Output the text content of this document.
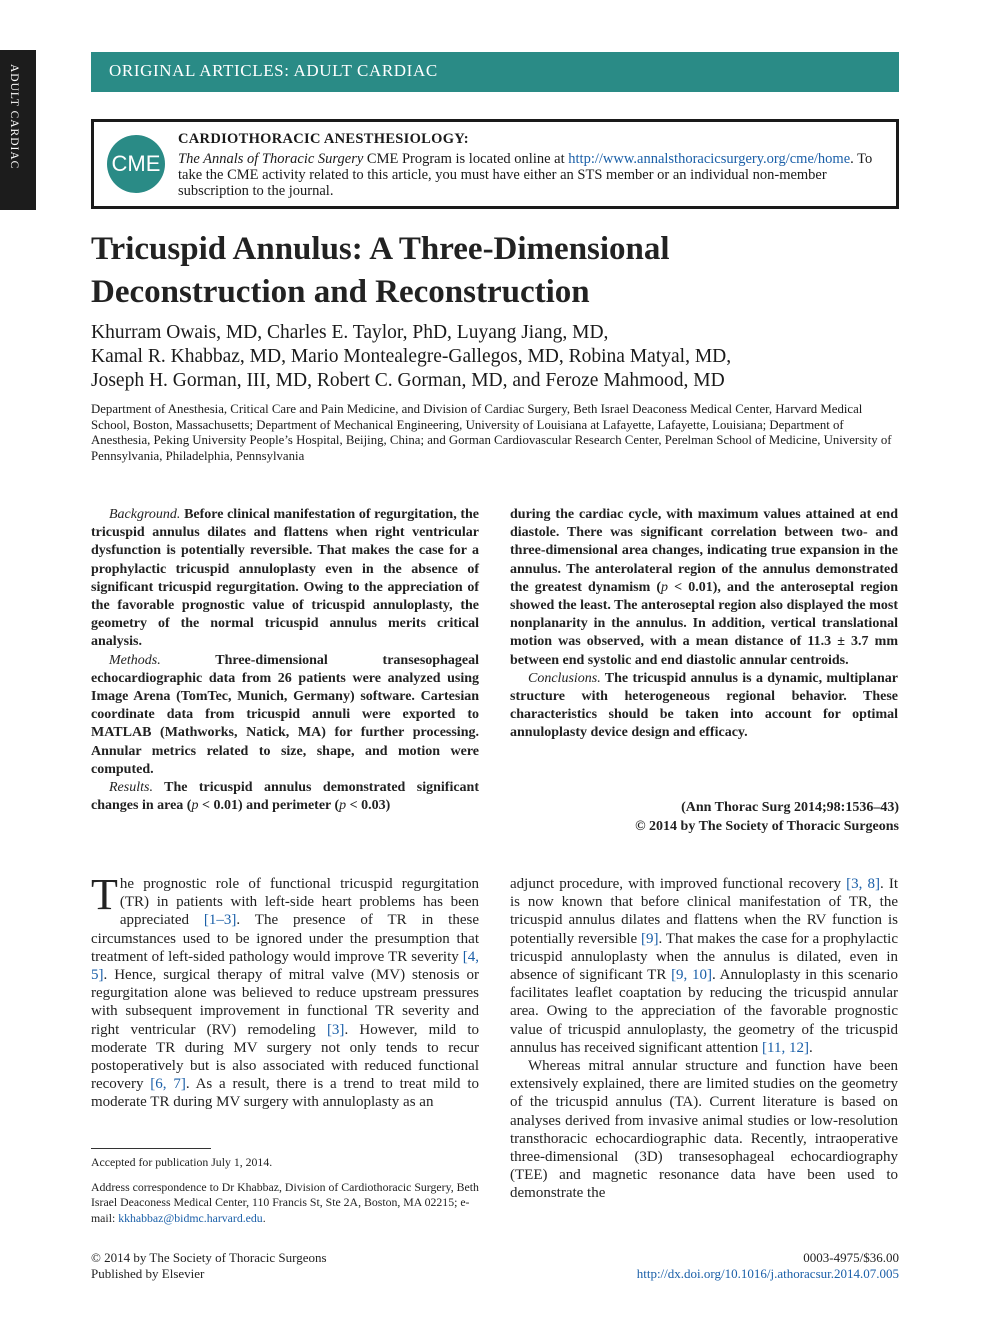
ADULT CARDIAC	ORIGINAL ARTICLES: ADULT CARDIAC
CME
CARDIOTHORACIC ANESTHESIOLOGY:
The Annals of Thoracic Surgery CME Program is located online at http://www.annalsthoracicsurgery.org/cme/home. To take the CME activity related to this article, you must have either an STS member or an individual non-member subscription to the journal.
Tricuspid Annulus: A Three-Dimensional Deconstruction and Reconstruction
Khurram Owais, MD, Charles E. Taylor, PhD, Luyang Jiang, MD,
Kamal R. Khabbaz, MD, Mario Montealegre-Gallegos, MD, Robina Matyal, MD,
Joseph H. Gorman, III, MD, Robert C. Gorman, MD, and Feroze Mahmood, MD
Department of Anesthesia, Critical Care and Pain Medicine, and Division of Cardiac Surgery, Beth Israel Deaconess Medical Center, Harvard Medical School, Boston, Massachusetts; Department of Mechanical Engineering, University of Louisiana at Lafayette, Lafayette, Louisiana; Department of Anesthesia, Peking University People’s Hospital, Beijing, China; and Gorman Cardiovascular Research Center, Perelman School of Medicine, University of Pennsylvania, Philadelphia, Pennsylvania

Background. Before clinical manifestation of regurgitation, the tricuspid annulus dilates and flattens when right ventricular dysfunction is potentially reversible. That makes the case for a prophylactic tricuspid annuloplasty even in the absence of significant tricuspid regurgitation. Owing to the appreciation of the favorable prognostic value of tricuspid annuloplasty, the geometry of the normal tricuspid annulus merits critical analysis.

Methods. Three-dimensional transesophageal echocardiographic data from 26 patients were analyzed using Image Arena (TomTec, Munich, Germany) software. Cartesian coordinate data from tricuspid annuli were exported to MATLAB (Mathworks, Natick, MA) for further processing. Annular metrics related to size, shape, and motion were computed.

Results. The tricuspid annulus demonstrated significant changes in area (p < 0.01) and perimeter (p < 0.03)

during the cardiac cycle, with maximum values attained at end diastole. There was significant correlation between two- and three-dimensional area changes, indicating true expansion in the annulus. The anterolateral region of the annulus demonstrated the greatest dynamism (p < 0.01), and the anteroseptal region showed the least. The anteroseptal region also displayed the most nonplanarity in the annulus. In addition, vertical translational motion was observed, with a mean distance of 11.3 ± 3.7 mm between end systolic and end diastolic annular centroids.

Conclusions. The tricuspid annulus is a dynamic, multiplanar structure with heterogeneous regional behavior. These characteristics should be taken into account for optimal annuloplasty device design and efficacy.

(Ann Thorac Surg 2014;98:1536–43)
© 2014 by The Society of Thoracic Surgeons

The prognostic role of functional tricuspid regurgitation (TR) in patients with left-side heart problems has been appreciated [1–3]. The presence of TR in these circumstances used to be ignored under the presumption that treatment of left-sided pathology would improve TR severity [4, 5]. Hence, surgical therapy of mitral valve (MV) stenosis or regurgitation alone was believed to reduce upstream pressures with subsequent improvement in functional TR severity and right ventricular (RV) remodeling [3]. However, mild to moderate TR during MV surgery not only tends to recur postoperatively but is also associated with reduced functional recovery [6, 7]. As a result, there is a trend to treat mild to moderate TR during MV surgery with annuloplasty as an

adjunct procedure, with improved functional recovery [3, 8]. It is now known that before clinical manifestation of TR, the tricuspid annulus dilates and flattens when the RV function is potentially reversible [9]. That makes the case for a prophylactic tricuspid annuloplasty when the annulus is dilated, even in absence of significant TR [9, 10]. Annuloplasty in this scenario facilitates leaflet coaptation by reducing the tricuspid annular area. Owing to the appreciation of the favorable prognostic value of tricuspid annuloplasty, the geometry of the tricuspid annulus has received significant attention [11, 12].

Whereas mitral annular structure and function have been extensively explained, there are limited studies on the geometry of the tricuspid annulus (TA). Current literature is based on analyses derived from invasive animal studies or low-resolution transthoracic echocardiographic data. Recently, intraoperative three-dimensional (3D) transesophageal echocardiography (TEE) and magnetic resonance data have been used to demonstrate the

Accepted for publication July 1, 2014.

Address correspondence to Dr Khabbaz, Division of Cardiothoracic Surgery, Beth Israel Deaconess Medical Center, 110 Francis St, Ste 2A, Boston, MA 02215; e-mail: kkhabbaz@bidmc.harvard.edu.

© 2014 by The Society of Thoracic Surgeons
Published by Elsevier
0003-4975/$36.00
http://dx.doi.org/10.1016/j.athoracsur.2014.07.005
